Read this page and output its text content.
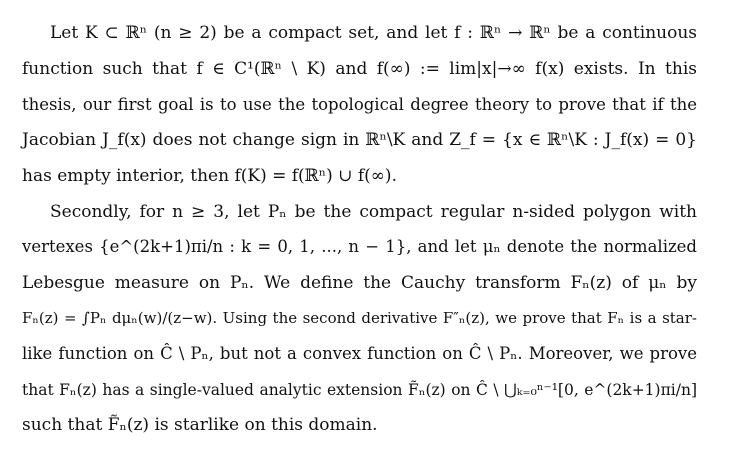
Let K ⊂ ℝⁿ (n ≥ 2) be a compact set, and let f : ℝⁿ → ℝⁿ be a continuous
function such that f ∈ C¹(ℝⁿ \ K) and f(∞) := lim|x|→∞ f(x) exists. In this
thesis, our first goal is to use the topological degree theory to prove that if the
Jacobian J_f(x) does not change sign in ℝⁿ\K and Z_f = {x ∈ ℝⁿ\K : J_f(x) = 0}
has empty interior, then f(K) = f(ℝⁿ) ∪ f(∞).
Secondly, for n ≥ 3, let Pₙ be the compact regular n-sided polygon with
vertexes {e^(2k+1)πi/n : k = 0, 1, ..., n − 1}, and let μₙ denote the normalized
Lebesgue measure on Pₙ. We define the Cauchy transform Fₙ(z) of μₙ by
Fₙ(z) = ∫Pₙ dμₙ(w)/(z−w). Using the second derivative F″ₙ(z), we prove that Fₙ is a star-
like function on Ĉ \ Pₙ, but not a convex function on Ĉ \ Pₙ. Moreover, we prove
that Fₙ(z) has a single-valued analytic extension F̃ₙ(z) on Ĉ \ ⋃ₖ₌₀ⁿ⁻¹[0, e^(2k+1)πi/n]
such that F̃ₙ(z) is starlike on this domain.
